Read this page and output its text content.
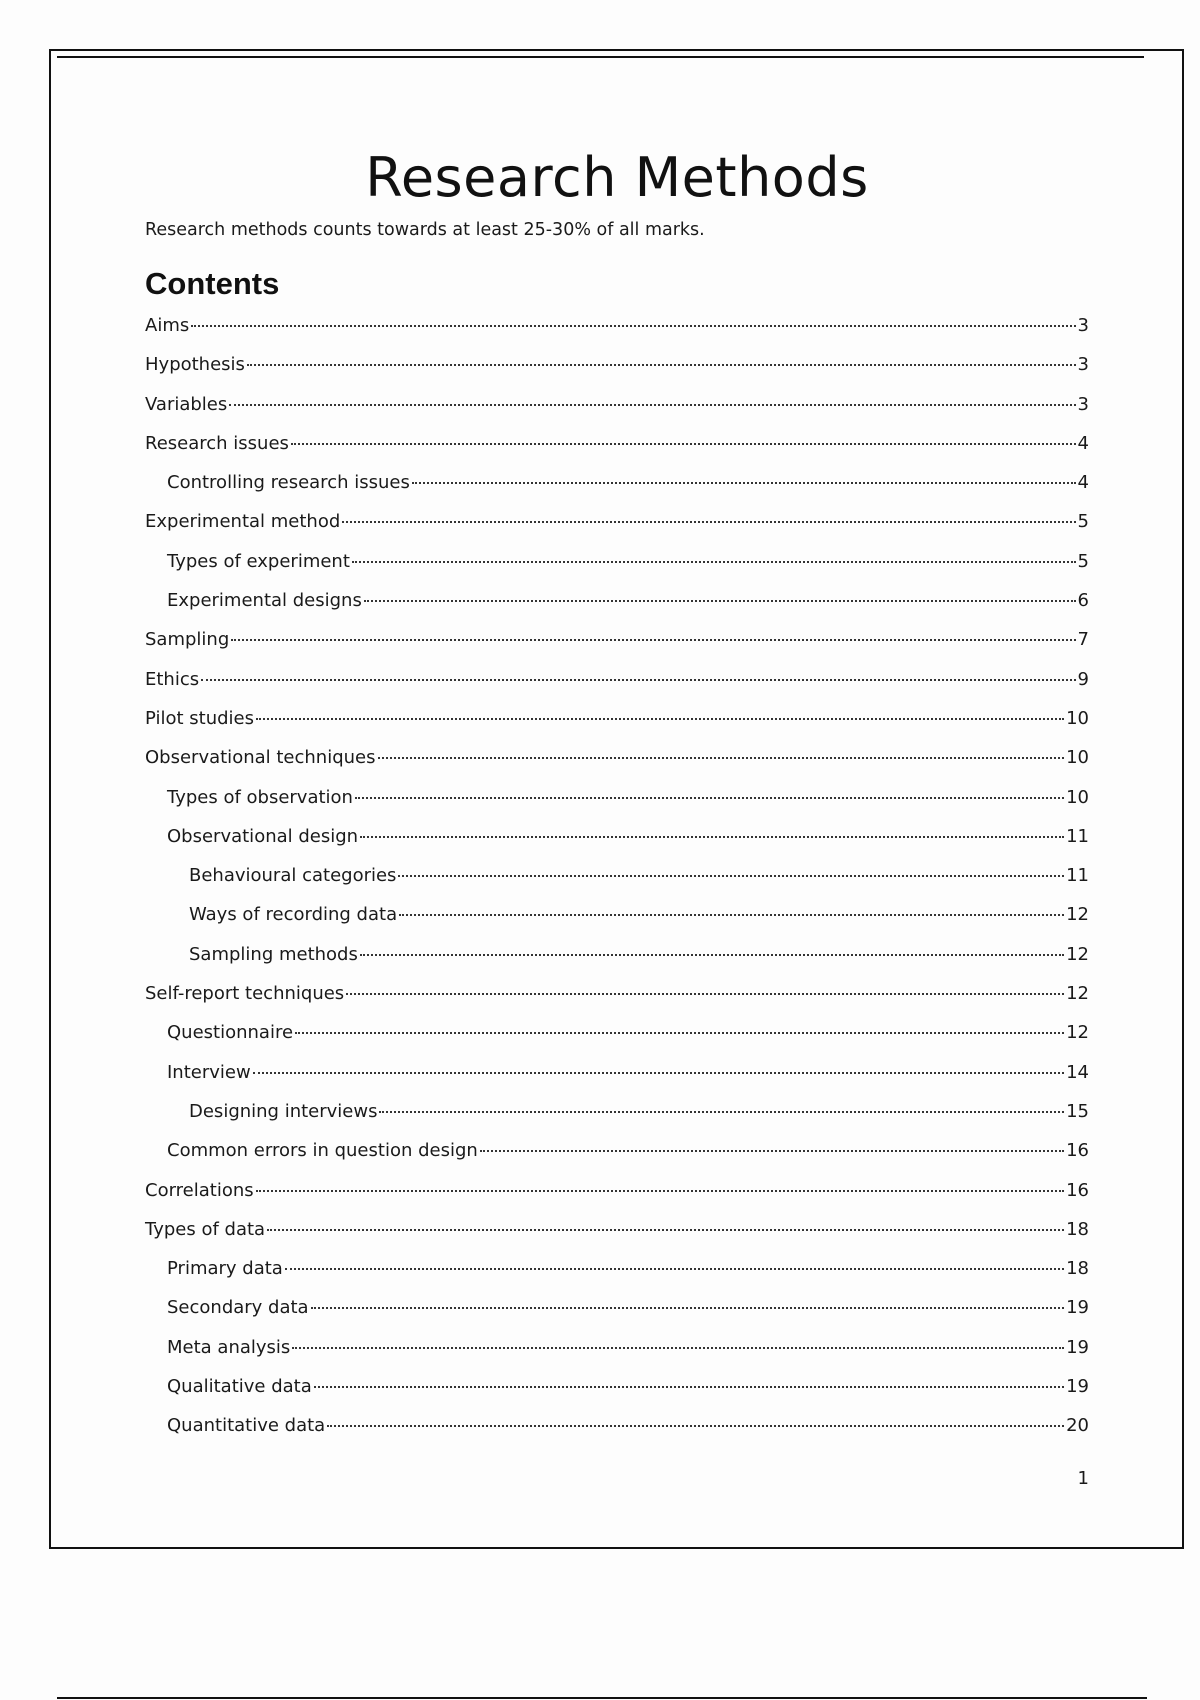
Research Methods

Research methods counts towards at least 25-30% of all marks.

Contents
Aims	3
Hypothesis	3
Variables	3
Research issues	4
Controlling research issues	4
Experimental method	5
Types of experiment	5
Experimental designs	6
Sampling	7
Ethics	9
Pilot studies	10
Observational techniques	10
Types of observation	10
Observational design	11
Behavioural categories	11
Ways of recording data	12
Sampling methods	12
Self-report techniques	12
Questionnaire	12
Interview	14
Designing interviews	15
Common errors in question design	16
Correlations	16
Types of data	18
Primary data	18
Secondary data	19
Meta analysis	19
Qualitative data	19
Quantitative data	20
1
